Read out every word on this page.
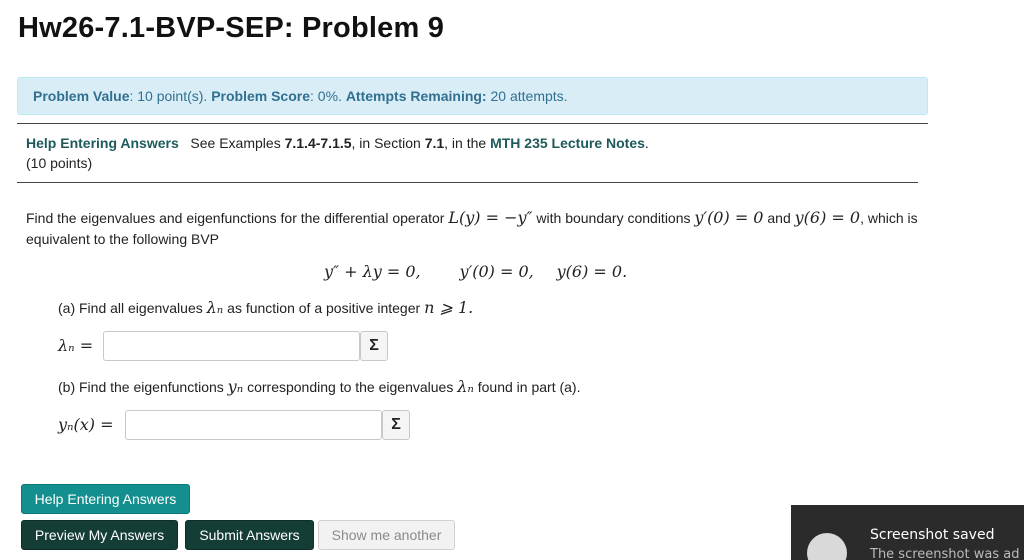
Hw26-7.1-BVP-SEP: Problem 9
Problem Value: 10 point(s). Problem Score: 0%. Attempts Remaining: 20 attempts.
Help Entering Answers See Examples 7.1.4-7.1.5, in Section 7.1, in the MTH 235 Lecture Notes.
(10 points)
Find the eigenvalues and eigenfunctions for the differential operator L(y) = −y″ with boundary conditions y′(0) = 0 and y(6) = 0, which is equivalent to the following BVP
y″ + λy = 0, y′(0) = 0, y(6) = 0.
(a) Find all eigenvalues λₙ as function of a positive integer n ⩾ 1.
λₙ =	Σ
(b) Find the eigenfunctions yₙ corresponding to the eigenvalues λₙ found in part (a).
yₙ(x) =	Σ
Help Entering Answers
Preview My Answers	Submit Answers	Show me another	Screenshot saved
The screenshot was ad
